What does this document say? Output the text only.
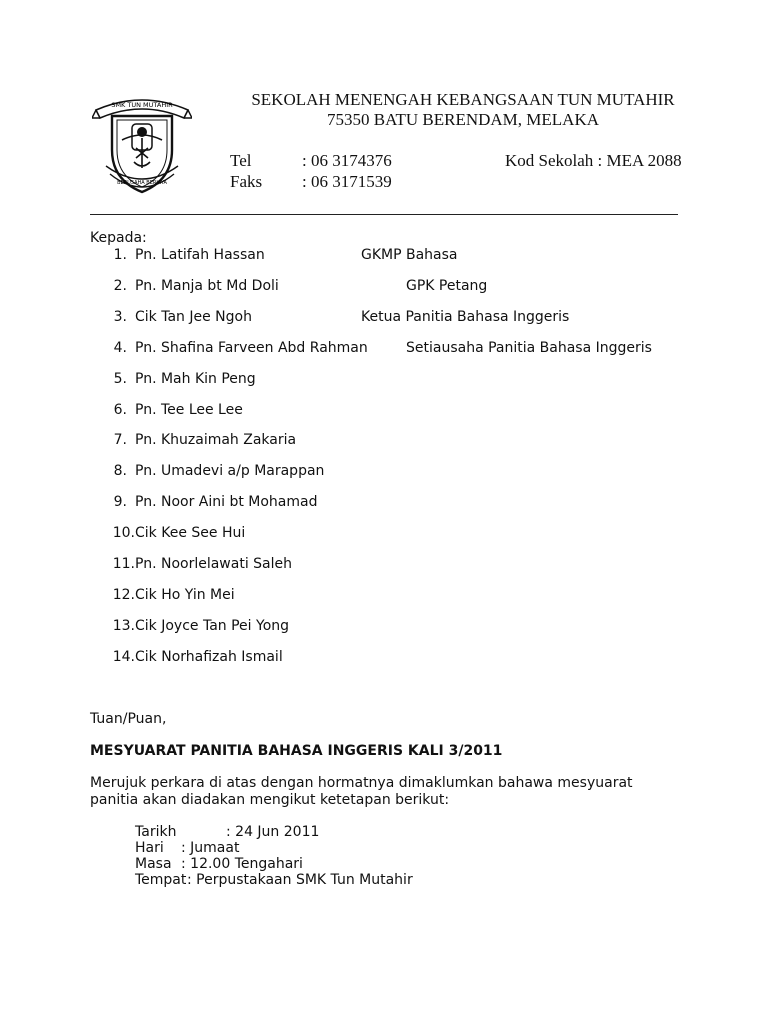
SMK TUN MUTAHIR
BERUSAHA BERJAYA
SEKOLAH MENENGAH KEBANGSAAN TUN MUTAHIR
75350 BATU BERENDAM, MELAKA
Tel	: 06 3174376	Kod Sekolah : MEA 2088
Faks : 06 3171539
Kepada:
1. Pn. Latifah Hassan	GKMP Bahasa
2. Pn. Manja bt Md Doli	GPK Petang
3. Cik Tan Jee Ngoh	Ketua Panitia Bahasa Inggeris
4. Pn. Shafina Farveen Abd Rahman	Setiausaha Panitia Bahasa Inggeris
5. Pn. Mah Kin Peng
6. Pn. Tee Lee Lee
7. Pn. Khuzaimah Zakaria
8. Pn. Umadevi a/p Marappan
9. Pn. Noor Aini bt Mohamad
10. Cik Kee See Hui
11. Pn. Noorlelawati Saleh
12. Cik Ho Yin Mei
13. Cik Joyce Tan Pei Yong
14. Cik Norhafizah Ismail
Tuan/Puan,
MESYUARAT PANITIA BAHASA INGGERIS KALI 3/2011
Merujuk perkara di atas dengan hormatnya dimaklumkan bahawa mesyuarat
panitia akan diadakan mengikut ketetapan berikut:
Tarikh	: 24 Jun 2011
Hari : Jumaat
Masa : 12.00 Tengahari
Tempat : Perpustakaan SMK Tun Mutahir
